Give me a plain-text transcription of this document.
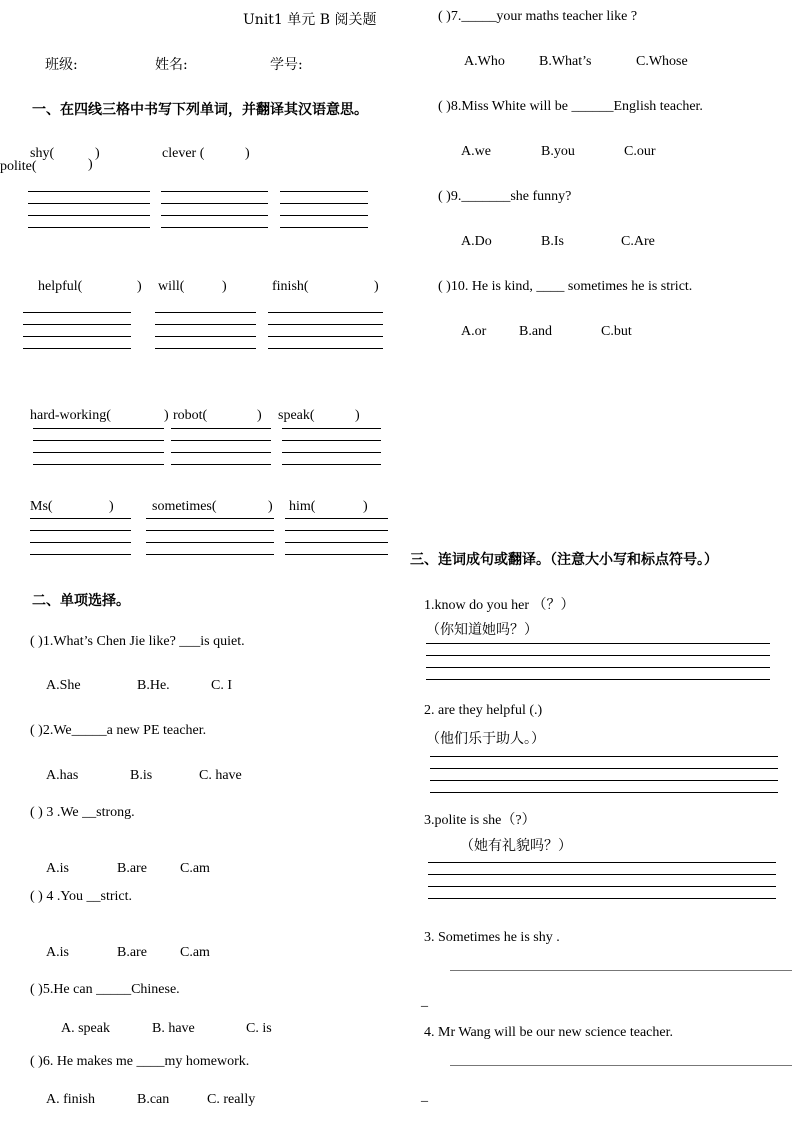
Unit1 单元 B 阅关题
班级:	姓名:	学号:
一、在四线三格中书写下列单词，并翻译其汉语意思。
shy(	)	clever (	)
polite(	)
helpful(	) will(	)	finish(	)
hard-working(	) robot(	) speak(	)
Ms(	)	sometimes(	) him(	)
二、单项选择。
( )1.What’s Chen Jie like? ___is quiet.
A.She	B.He.	C. I
( )2.We_____a new PE teacher.
A.has	B.is	C. have
( ) 3 .We __strong.
A.is	B.are C.am
( ) 4 .You __strict.
A.is	B.are C.am
( )5.He can _____Chinese.
A. speak	B. have	C. is
( )6. He makes me ____my homework.
A. finish	B.can	C. really
( )7._____your maths teacher like ?
A.Who B.What’s	C.Whose
( )8.Miss White will be ______English teacher.
A.we	B.you	C.our
( )9._______she funny?
A.Do	B.Is	C.Are
( )10. He is kind, ____ sometimes he is strict.
A.or B.and	C.but
三、连词成句或翻译。（注意大小写和标点符号。）
1.know do you her （？）
（你知道她吗？）
2. are they helpful (.)
（他们乐于助人。）
3.polite is she（?）
（她有礼貌吗？）
3. Sometimes he is shy .
_
4. Mr Wang will be our new science teacher.
_
